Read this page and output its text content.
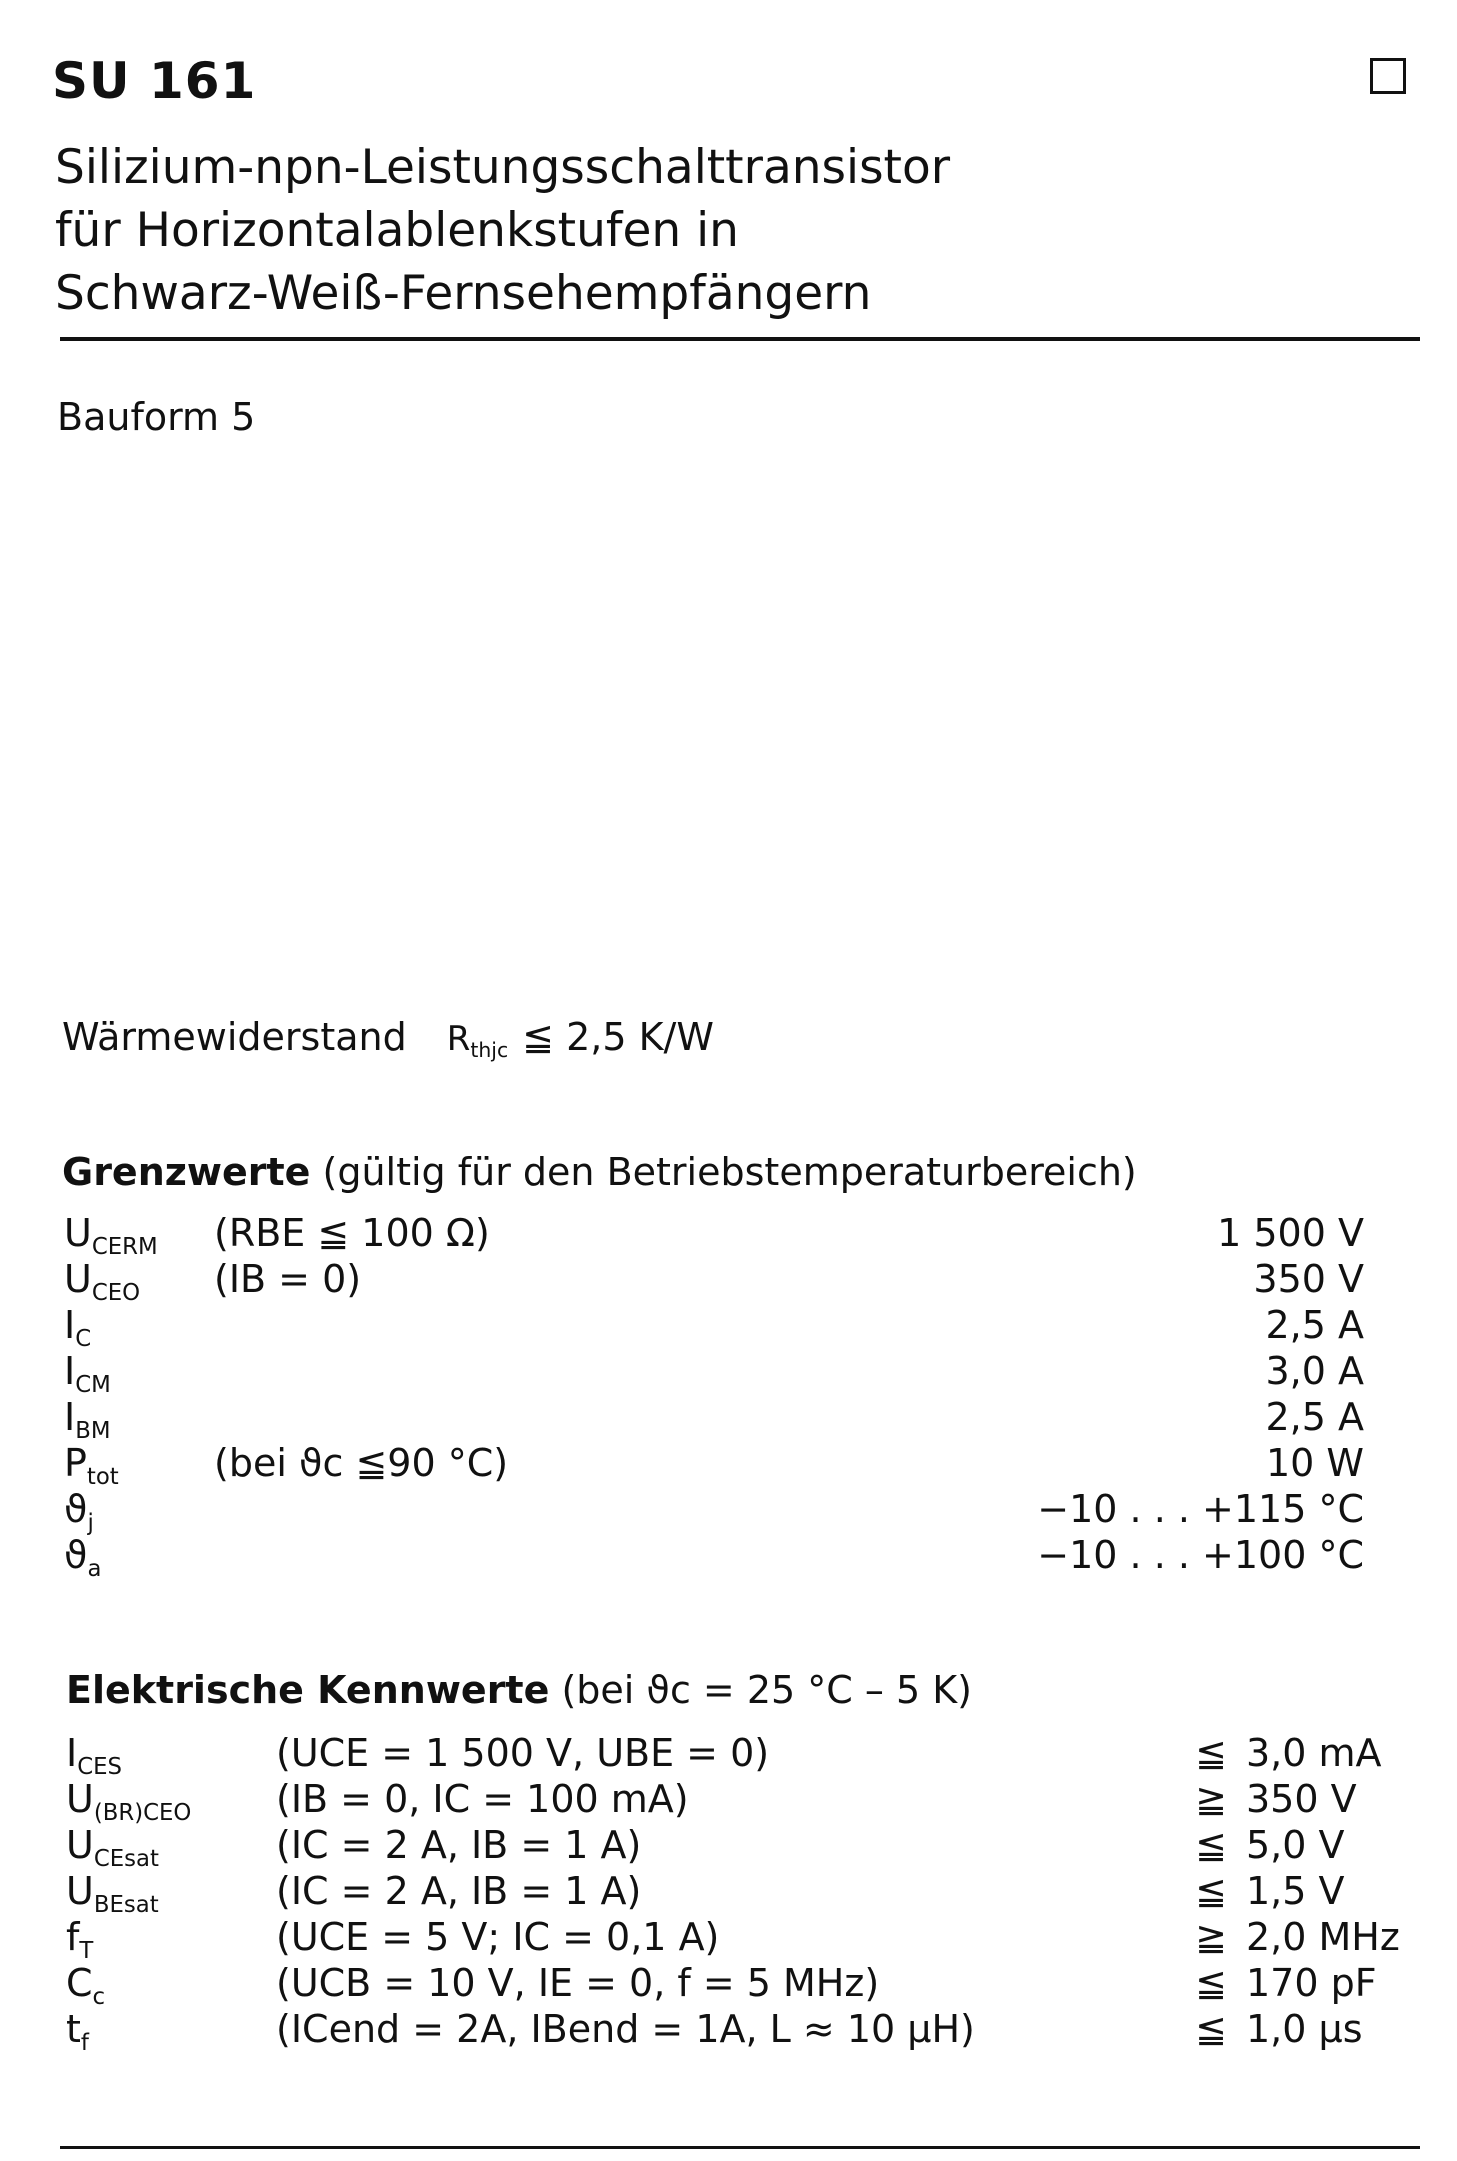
SU 161
Silizium-npn-Leistungsschalttransistor
für Horizontalablenkstufen in
Schwarz-Weiß-Fernsehempfängern
Bauform 5
Wärmewiderstand $R_{thjc}$ ≦ 2,5 K/W
Grenzwerte (gültig für den Betriebstemperaturbereich)
$U_{CERM}$ (RBE ≦ 100 Ω)	1 500 V
$U_{CEO}$ (IB = 0)	350 V
$I_C$	2,5 A
$I_{CM}$	3,0 A
$I_{BM}$	2,5 A
$P_{tot}$	(bei ϑc ≦90 °C)	10 W
$ϑ_j$	−10 . . . +115 °C
$ϑ_a$	−10 . . . +100 °C
Elektrische Kennwerte (bei ϑc = 25 °C – 5 K)
$I_{CES}$	(UCE = 1 500 V, UBE = 0)	≦ 3,0 mA
$U_{(BR)CEO}$ (IB = 0, IC = 100 mA)	≧ 350 V
$U_{CEsat}$	(IC = 2 A, IB = 1 A)	≦ 5,0 V
$U_{BEsat}$	(IC = 2 A, IB = 1 A)	≦ 1,5 V
$f_T$	(UCE = 5 V; IC = 0,1 A)	≧ 2,0 MHz
$C_c$	(UCB = 10 V, IE = 0, f = 5 MHz)	≦ 170 pF
$t_f$	(ICend = 2A, IBend = 1A, L ≈ 10 µH)	≦ 1,0 µs
